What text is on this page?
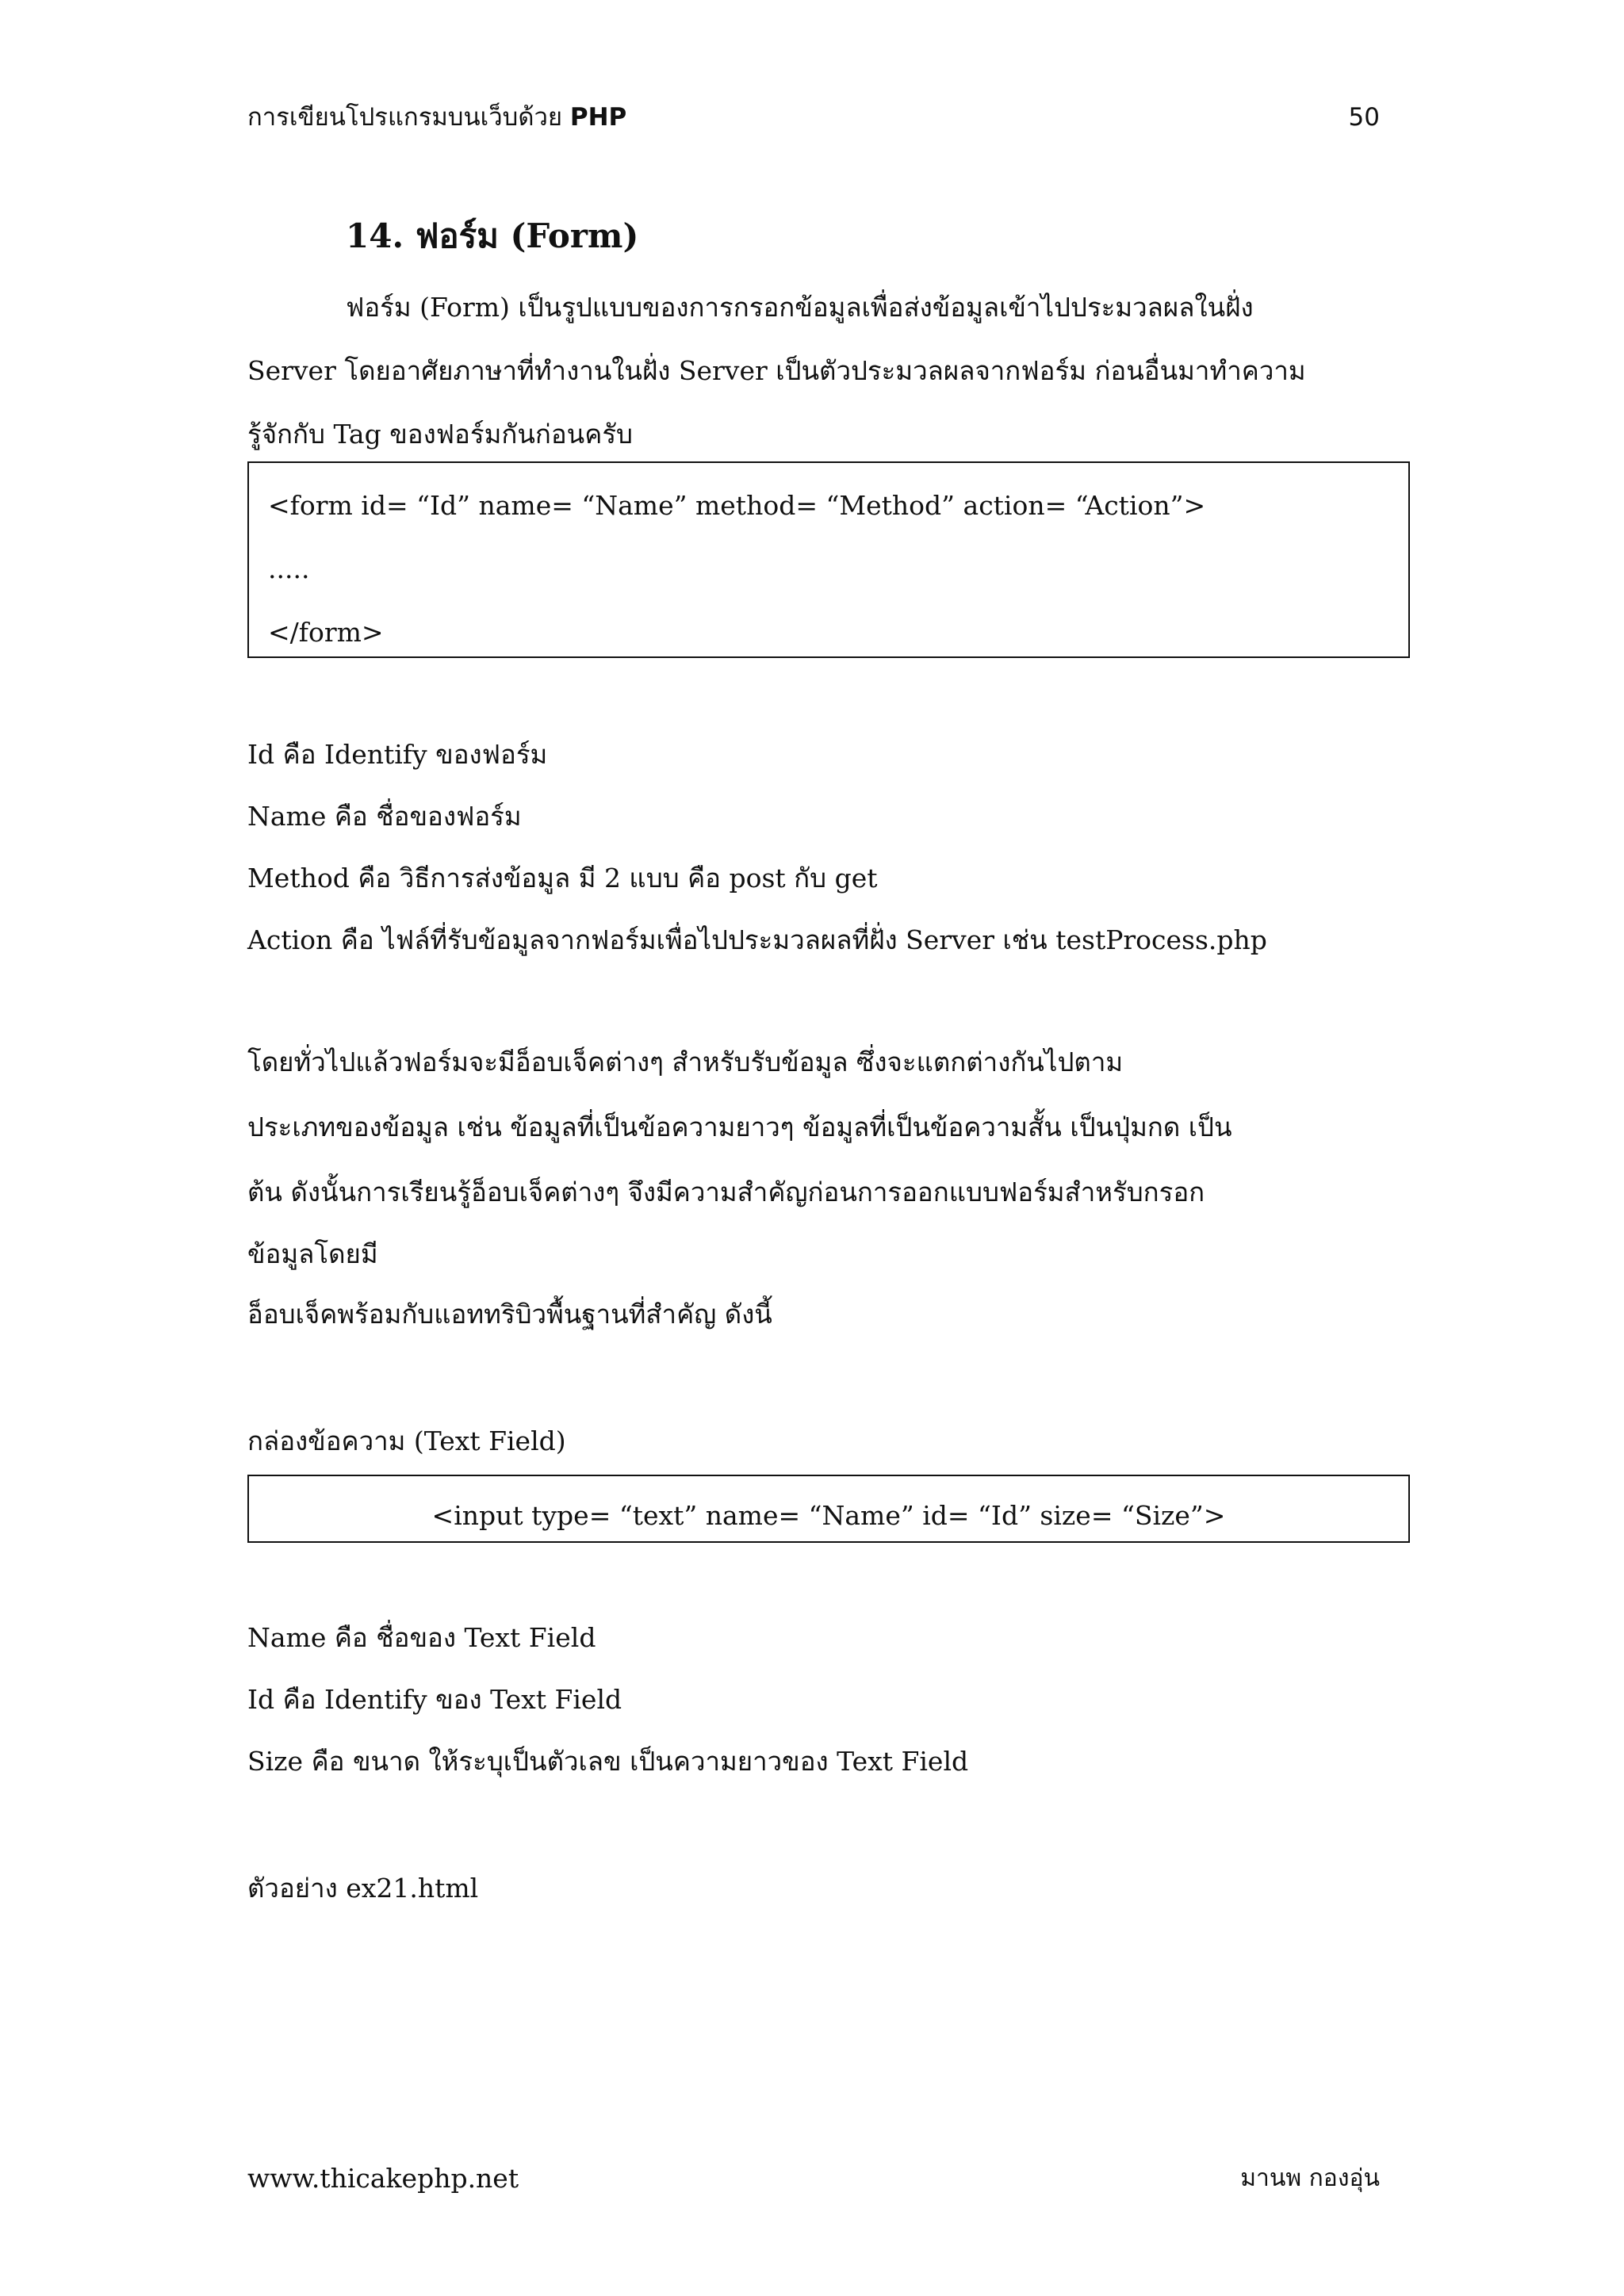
การเขียนโปรแกรมบนเว็บด้วย PHP	50
14. ฟอร์ม (Form)
ฟอร์ม (Form) เป็นรูปแบบของการกรอกข้อมูลเพื่อส่งข้อมูลเข้าไปประมวลผลในฝั่ง
Server โดยอาศัยภาษาที่ทำงานในฝั่ง Server เป็นตัวประมวลผลจากฟอร์ม ก่อนอื่นมาทำความ
รู้จักกับ Tag ของฟอร์มกันก่อนครับ
<form id= “Id” name= “Name” method= “Method” action= “Action”>
.....
</form>
Id คือ Identify ของฟอร์ม
Name คือ ชื่อของฟอร์ม
Method คือ วิธีการส่งข้อมูล มี 2 แบบ คือ post กับ get
Action คือ ไฟล์ที่รับข้อมูลจากฟอร์มเพื่อไปประมวลผลที่ฝั่ง Server เช่น testProcess.php
โดยทั่วไปแล้วฟอร์มจะมีอ็อบเจ็คต่างๆ สำหรับรับข้อมูล ซึ่งจะแตกต่างกันไปตาม
ประเภทของข้อมูล เช่น ข้อมูลที่เป็นข้อความยาวๆ ข้อมูลที่เป็นข้อความสั้น เป็นปุ่มกด เป็น
ต้น ดังนั้นการเรียนรู้อ็อบเจ็คต่างๆ จึงมีความสำคัญก่อนการออกแบบฟอร์มสำหรับกรอก
ข้อมูลโดยมี
อ็อบเจ็คพร้อมกับแอททริบิวพื้นฐานที่สำคัญ ดังนี้
กล่องข้อความ (Text Field)
<input type= “text” name= “Name” id= “Id” size= “Size”>
Name คือ ชื่อของ Text Field
Id คือ Identify ของ Text Field
Size คือ ขนาด ให้ระบุเป็นตัวเลข เป็นความยาวของ Text Field
ตัวอย่าง ex21.html
www.thicakephp.net	มานพ กองอุ่น
